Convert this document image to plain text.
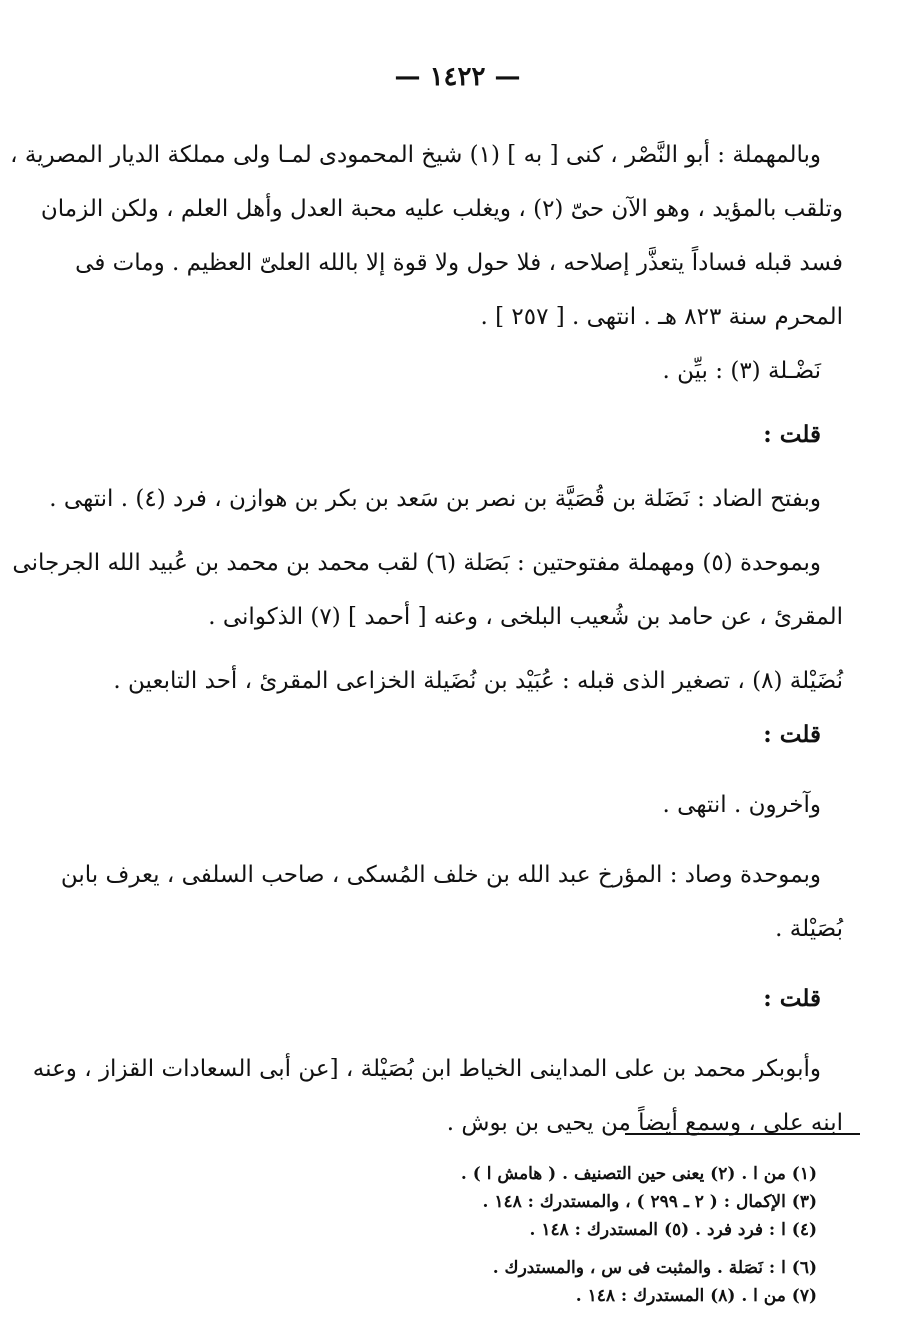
— ١٤٢٢ —
وبالمهملة : أبو النَّصْر ، كنى [ به ] (١) شيخ المحمودى لمـا ولى مملكة الديار المصرية ،
وتلقب بالمؤيد ، وهو الآن حىّ (٢) ، ويغلب عليه محبة العدل وأهل العلم ، ولكن الزمان
فسد قبله فساداً يتعذَّر إصلاحه ، فلا حول ولا قوة إلا بالله العلىّ العظيم . ومات فى
المحرم سنة ٨٢٣ هـ . انتهى . [ ٢٥٧ ] .
نَضْـلة (٣) : بيِّن .
قلت :
وبفتح الضاد : نَضَلة بن قُصَيَّة بن نصر بن سَعد بن بكر بن هوازن ، فرد (٤) . انتهى .
وبموحدة (٥) ومهملة مفتوحتين : بَصَلة (٦) لقب محمد بن محمد بن عُبيد الله الجرجانى
المقرئ ، عن حامد بن شُعيب البلخى ، وعنه [ أحمد ] (٧) الذكوانى .
نُضَيْلة (٨) ، تصغير الذى قبله : عُبَيْد بن نُضَيلة الخزاعى المقرئ ، أحد التابعين .
قلت :
وآخرون . انتهى .
وبموحدة وصاد : المؤرخ عبد الله بن خلف المُسكى ، صاحب السلفى ، يعرف بابن
بُصَيْلة .
قلت :
وأبوبكر محمد بن على المداينى الخياط ابن بُصَيْلة ، [عن أبى السعادات القزاز ، وعنه
ابنه على ، وسمع أيضاً من يحيى بن بوش .
(١) من ا . (٢) يعنى حين التصنيف . ( هامش ا ) .
(٣) الإكمال : ( ٢ ـ ٢٩٩ ) ، والمستدرك : ١٤٨ .
(٤) ا : فرد فرد . (٥) المستدرك : ١٤٨ .
(٦) ا : نَصَلة . والمثبت فى س ، والمستدرك .
(٧) من ا . (٨) المستدرك : ١٤٨ .
